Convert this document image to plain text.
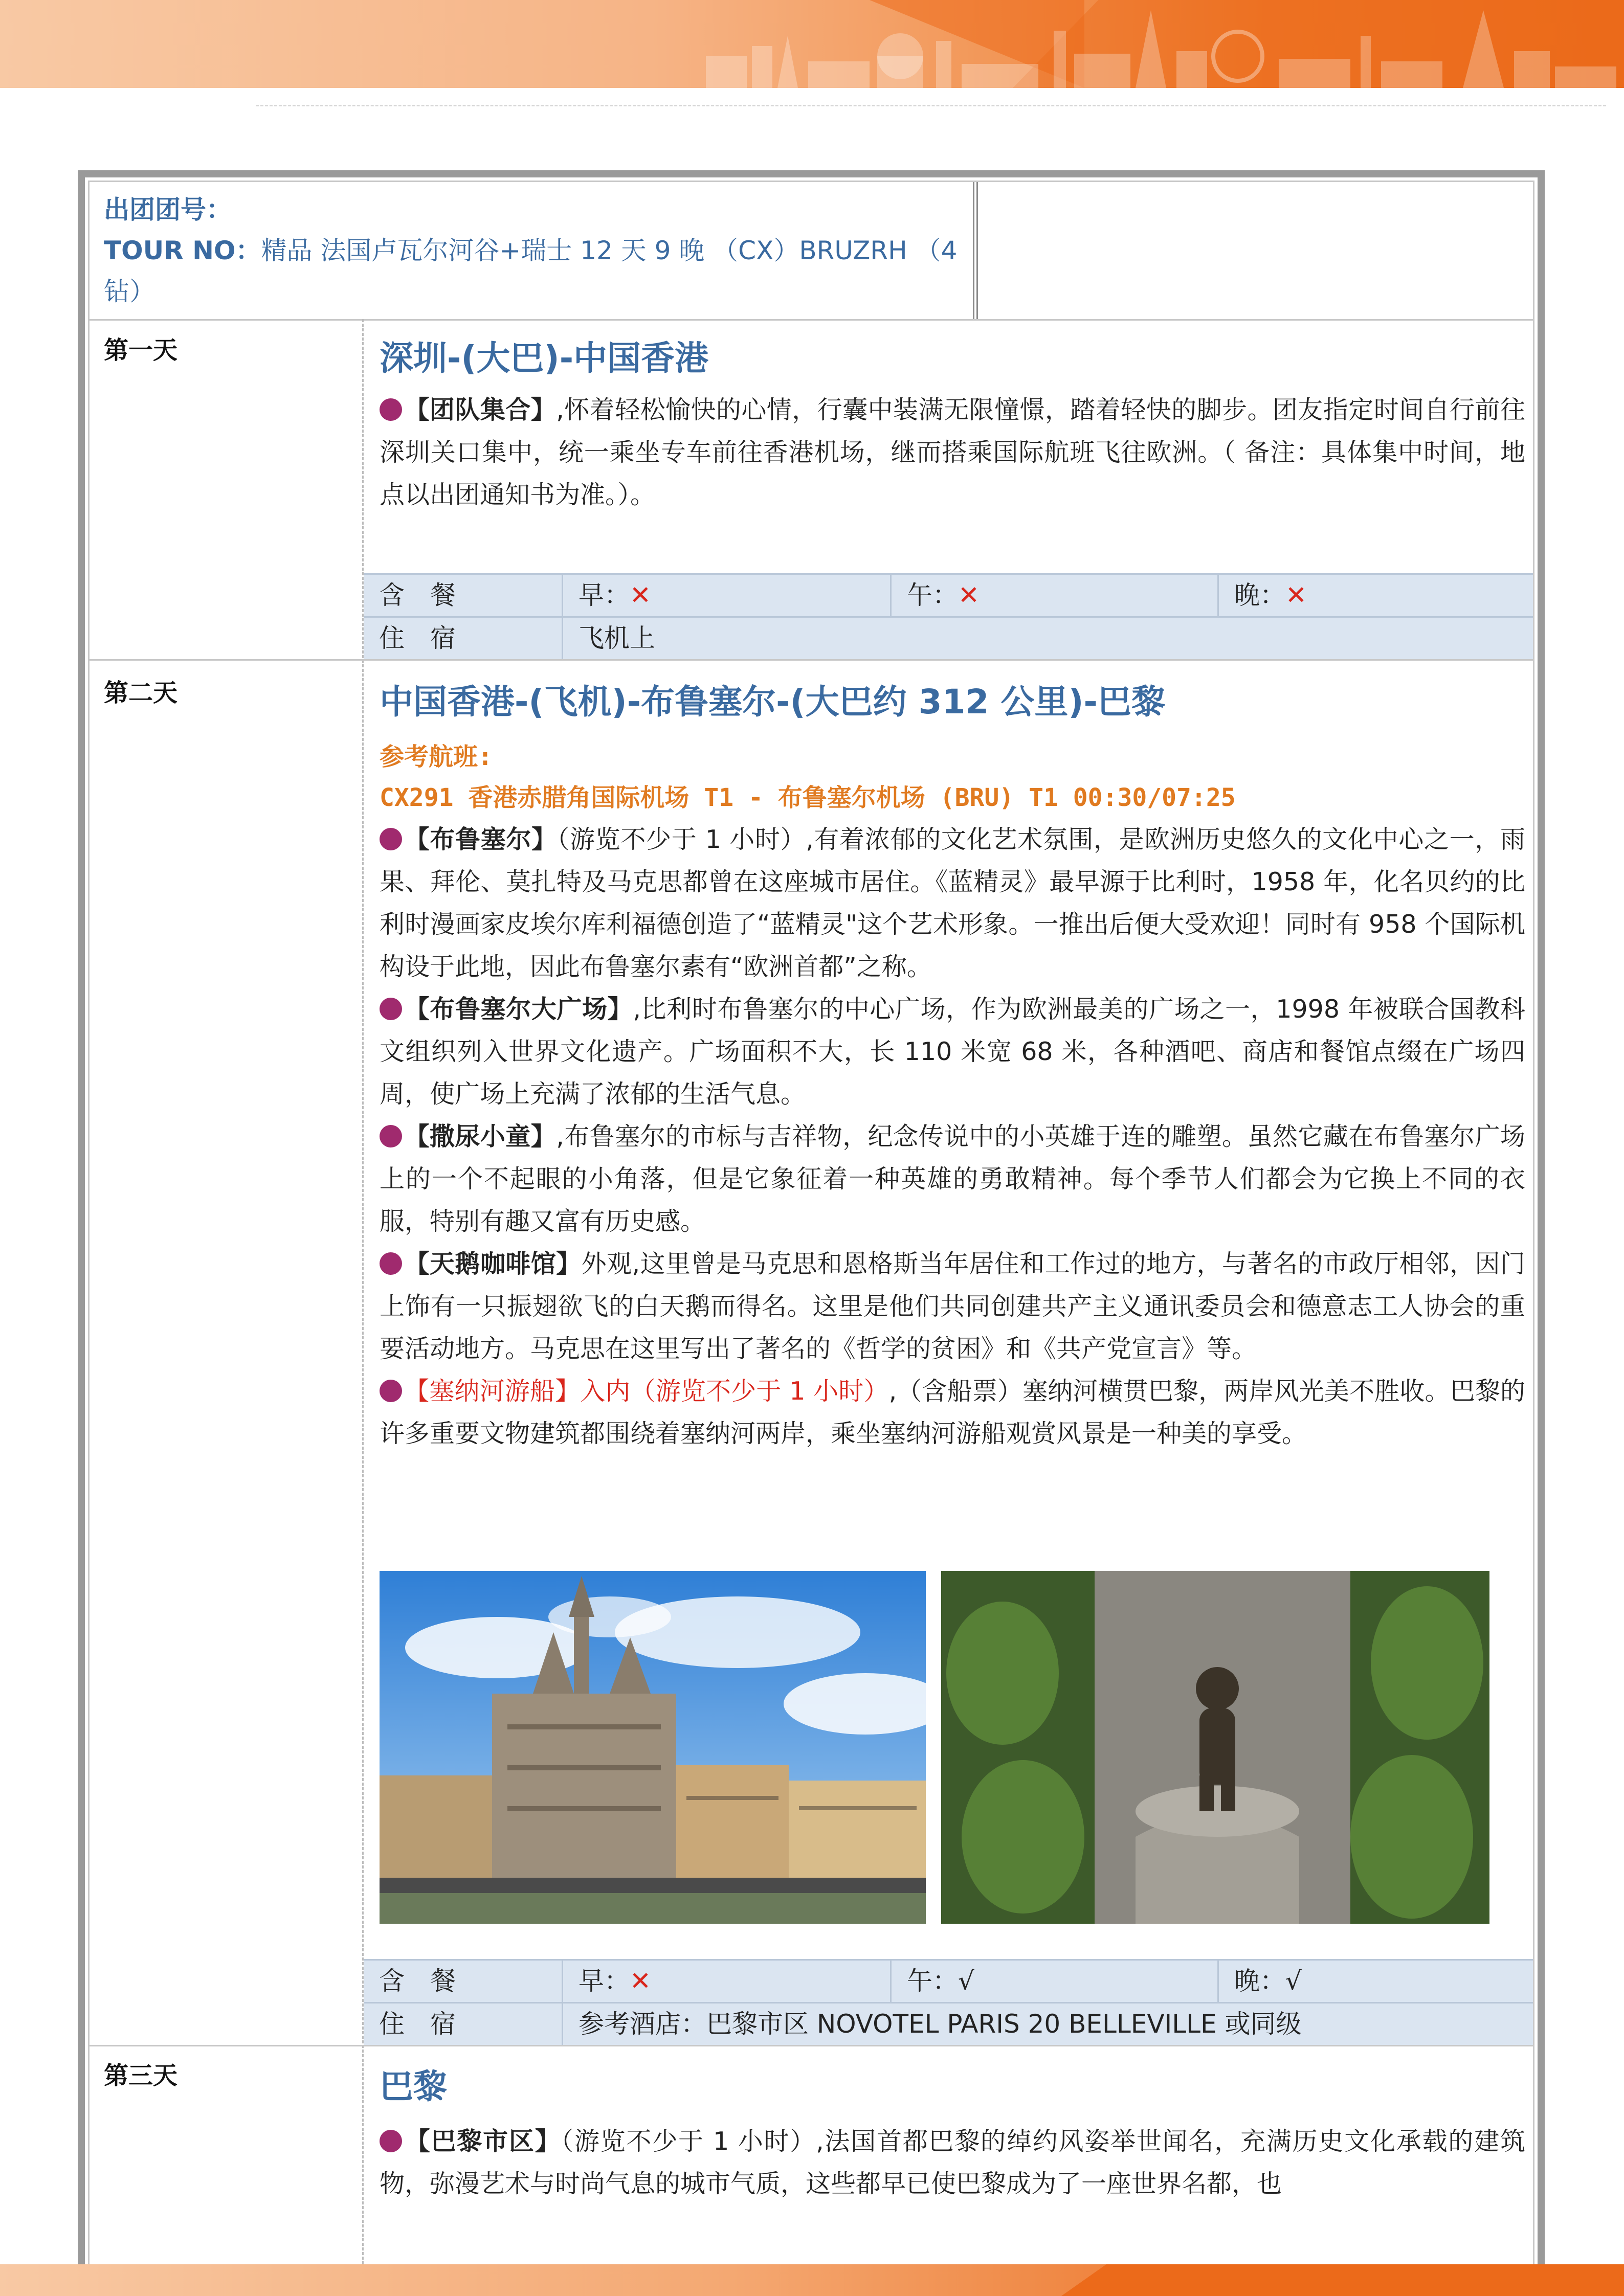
出团团号：
TOUR NO：精品 法国卢瓦尔河谷+瑞士 12 天 9 晚 （CX）BRUZRH （4钻）
第一天	深圳-(大巴)-中国香港

【团队集合】,怀着轻松愉快的心情，行囊中装满无限憧憬，踏着轻快的脚步。团友指定时间自行前往深圳关口集中，统一乘坐专车前往香港机场，继而搭乘国际航班飞往欧洲。（ 备注：具体集中时间，地点以出团通知书为准。）。

含　餐	早：✕	午：✕	晚：✕
住　宿	飞机上
第二天	中国香港-(飞机)-布鲁塞尔-(大巴约 312 公里)-巴黎
参考航班:
CX291 香港赤腊角国际机场 T1 - 布鲁塞尔机场 (BRU) T1 00:30/07:25

【布鲁塞尔】（游览不少于 1 小时）,有着浓郁的文化艺术氛围，是欧洲历史悠久的文化中心之一，雨果、拜伦、莫扎特及马克思都曾在这座城市居住。《蓝精灵》最早源于比利时，1958 年，化名贝约的比利时漫画家皮埃尔库利福德创造了“蓝精灵"这个艺术形象。一推出后便大受欢迎！同时有 958 个国际机构设于此地，因此布鲁塞尔素有“欧洲首都”之称。

【布鲁塞尔大广场】,比利时布鲁塞尔的中心广场，作为欧洲最美的广场之一，1998 年被联合国教科文组织列入世界文化遗产。广场面积不大，长 110 米宽 68 米，各种酒吧、商店和餐馆点缀在广场四周，使广场上充满了浓郁的生活气息。

【撒尿小童】,布鲁塞尔的市标与吉祥物，纪念传说中的小英雄于连的雕塑。虽然它藏在布鲁塞尔广场上的一个不起眼的小角落，但是它象征着一种英雄的勇敢精神。每个季节人们都会为它换上不同的衣服，特别有趣又富有历史感。

【天鹅咖啡馆】外观,这里曾是马克思和恩格斯当年居住和工作过的地方，与著名的市政厅相邻，因门上饰有一只振翅欲飞的白天鹅而得名。这里是他们共同创建共产主义通讯委员会和德意志工人协会的重要活动地方。马克思在这里写出了著名的《哲学的贫困》和《共产党宣言》等。

【塞纳河游船】入内（游览不少于 1 小时）,（含船票）塞纳河横贯巴黎，两岸风光美不胜收。巴黎的许多重要文物建筑都围绕着塞纳河两岸，乘坐塞纳河游船观赏风景是一种美的享受。

含　餐	早：✕	午：√	晚：√
住　宿	参考酒店：巴黎市区 NOVOTEL PARIS 20 BELLEVILLE 或同级
第三天	巴黎

【巴黎市区】（游览不少于 1 小时）,法国首都巴黎的绰约风姿举世闻名，充满历史文化承载的建筑物，弥漫艺术与时尚气息的城市气质，这些都早已使巴黎成为了一座世界名都，也
